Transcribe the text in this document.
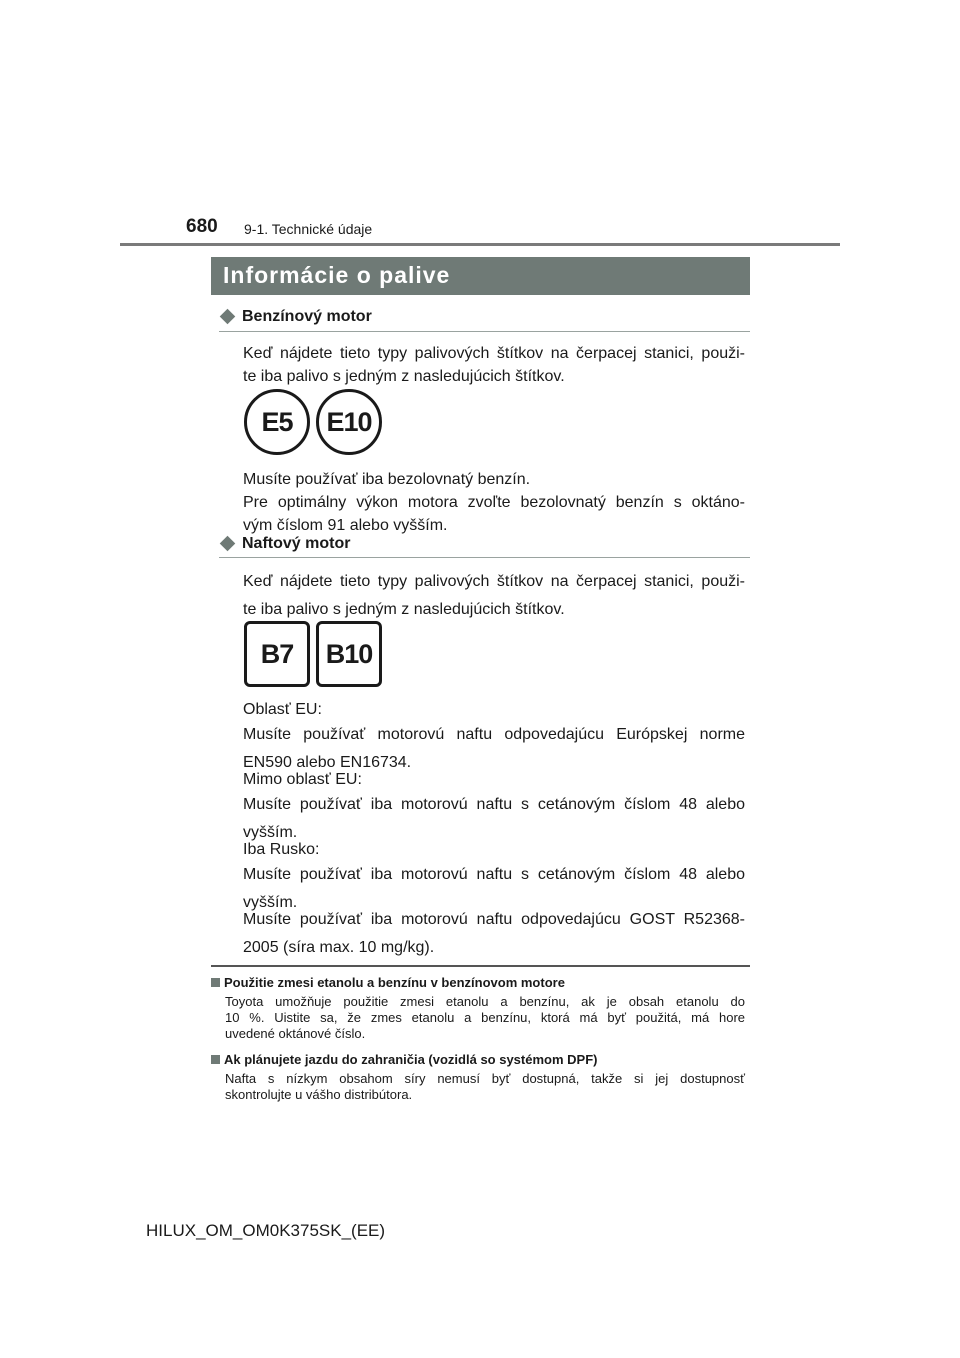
680 9-1. Technické údaje
Informácie o palive
Benzínový motor
Keď nájdete tieto typy palivových štítkov na čerpacej stanici, použi-
te iba palivo s jedným z nasledujúcich štítkov.
E5 E10
Musíte používať iba bezolovnatý benzín.
Pre optimálny výkon motora zvoľte bezolovnatý benzín s oktáno-
vým číslom 91 alebo vyšším.
Naftový motor
Keď nájdete tieto typy palivových štítkov na čerpacej stanici, použi-
te iba palivo s jedným z nasledujúcich štítkov.
B7 B10
Oblasť EU:
Musíte používať motorovú naftu odpovedajúcu Európskej norme
EN590 alebo EN16734.
Mimo oblasť EU:
Musíte používať iba motorovú naftu s cetánovým číslom 48 alebo
vyšším.
Iba Rusko:
Musíte používať iba motorovú naftu s cetánovým číslom 48 alebo
vyšším.
Musíte používať iba motorovú naftu odpovedajúcu GOST R52368-
2005 (síra max. 10 mg/kg).
Použitie zmesi etanolu a benzínu v benzínovom motore
Toyota umožňuje použitie zmesi etanolu a benzínu, ak je obsah etanolu do
10 %. Uistite sa, že zmes etanolu a benzínu, ktorá má byť použitá, má hore
uvedené oktánové číslo.
Ak plánujete jazdu do zahraničia (vozidlá so systémom DPF)
Nafta s nízkym obsahom síry nemusí byť dostupná, takže si jej dostupnosť
skontrolujte u vášho distribútora.
HILUX_OM_OM0K375SK_(EE)
